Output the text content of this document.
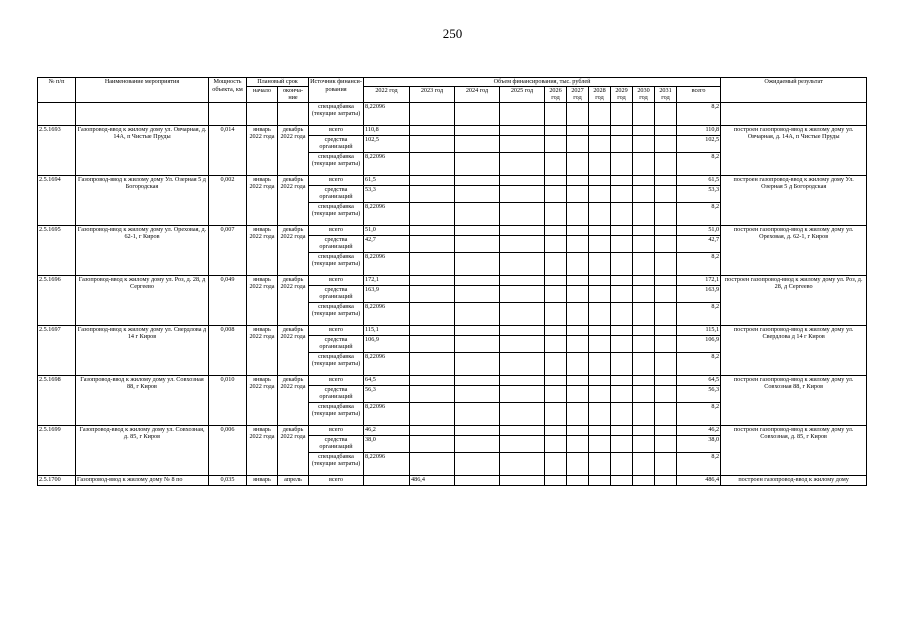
250
№ п/п	Наименование мероприятия	Мощность объекта, км	Плановый срок		Источник финанси-рования	Объем финансирования, тыс. рублей											Ожидаемый результат
			начало	оконча-ние		2022 год	2023 год	2024 год	2025 год	2026 год	2027 год	2028 год	2029 год	2030 год	2031 год	всего	
					спецнадбавка (текущие затраты)	8,22096										8,2	
2.5.1693	Газопровод-ввод к жилому дому ул. Овчарная, д. 14А, п Чистые Пруды	0,014	январь 2022 года	декабрь 2022 года	всего	110,8										110,8	построен газопровод-ввод к жилому дому ул. Овчарная, д. 14А, п Чистые Пруды
					средства организаций	102,5										102,5	
					спецнадбавка (текущие затраты)	8,22096										8,2	
2.5.1694	Газопровод-ввод к жилому дому Ул. Озерная 5 д Богородская	0,002	январь 2022 года	декабрь 2022 года	всего	61,5										61,5	построен газопровод-ввод к жилому дому Ул. Озерная 5 д Богородская
					средства организаций	53,3										53,3	
					спецнадбавка (текущие затраты)	8,22096										8,2	
2.5.1695	Газопровод-ввод к жилому дому ул. Ореховая, д. 62-1, г Киров	0,007	январь 2022 года	декабрь 2022 года	всего	51,0										51,0	построен газопровод-ввод к жилому дому ул. Ореховая, д. 62-1, г Киров
					средства организаций	42,7										42,7	
					спецнадбавка (текущие затраты)	8,22096										8,2	
2.5.1696	Газопровод-ввод к жилому дому ул. Роз, д. 28, д Сергеево	0,049	январь 2022 года	декабрь 2022 года	всего	172,1										172,1	построен газопровод-ввод к жилому дому ул. Роз, д. 28, д Сергеево
					средства организаций	163,9										163,9	
					спецнадбавка (текущие затраты)	8,22096										8,2	
2.5.1697	Газопровод-ввод к жилому дому ул. Свердлова д 14 г Киров	0,008	январь 2022 года	декабрь 2022 года	всего	115,1										115,1	построен газопровод-ввод к жилому дому ул. Свердлова д 14 г Киров
					средства организаций	106,9										106,9	
					спецнадбавка (текущие затраты)	8,22096										8,2	
2.5.1698	Газопровод-ввод к жилому дому ул. Совхозная 88, г Киров	0,010	январь 2022 года	декабрь 2022 года	всего	64,5										64,5	построен газопровод-ввод к жилому дому ул. Совхозная 88, г Киров
					средства организаций	56,3										56,3	
					спецнадбавка (текущие затраты)	8,22096										8,2	
2.5.1699	Газопровод-ввод к жилому дому ул. Совхозная, д. 85, г Киров	0,006	январь 2022 года	декабрь 2022 года	всего	46,2										46,2	построен газопровод-ввод к жилому дому ул. Совхозная, д. 85, г Киров
					средства организаций	38,0										38,0	
					спецнадбавка (текущие затраты)	8,22096										8,2	
2.5.1700	Газопровод-ввод к жилому дому № 8 по	0,035	январь	апрель	всего		486,4									486,4	построен газопровод-ввод к жилому дому
